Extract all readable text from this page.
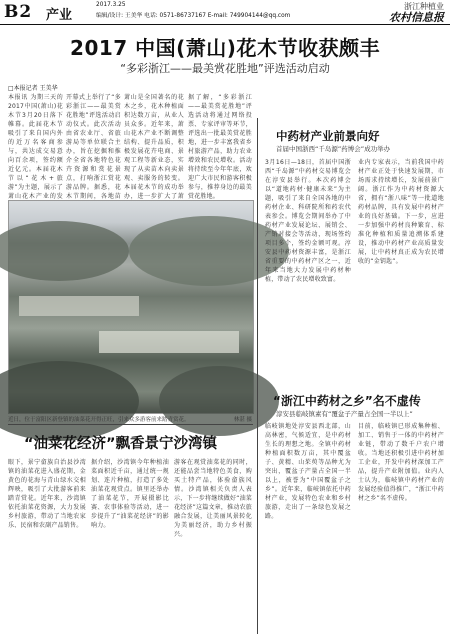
B2 产业
2017.3.25
编辑/设计: 王美华 电话: 0571-86737167 E-mail: 749904144@qq.com
浙江种植业
农村信息报
2017 中国(萧山)花木节收获颇丰
“多彩浙江——最美赏花胜地”评选活动启动
□本报记者 王美华
本报讯 为期三天的2017中国(萧山)花木节3月20日落下帷幕。此届花木节吸引了来自国内外的近万名客商参与，共达成交易意向百余项，签约额近亿元。本届花木节以“花木+旅游”为主题，展示了萧山花木产业的发
开幕式上举行了“多彩浙江——最美赏花胜地”评选活动启动仪式。此次活动由省农业厅、省旅游局等单位联合主办，旨在挖掘和推介全省各地特色花卉资源和赏花景点，打响浙江赏花游品牌。据悉，花木节期间，各地苗
萧山是全国著名的花木之乡，花木种植面积达数万亩，从业人员众多。近年来，萧山花木产业不断调整结构、提升品质，积极发展花卉电商、景观工程等新业态，实现了从卖苗木向卖景观、卖服务的转变。本届花木节的成功举办，进一步扩大了萧
据了解，“多彩浙江——最美赏花胜地”评选活动将通过网络投票、专家评审等环节，评选出一批最美赏花胜地，进一步丰富我省乡村旅游产品，助力农业增效和农民增收。活动将持续至今年年底，欢迎广大市民和游客积极参与，推荐身边的最美赏花胜地。
近日，位于富阳区新登镇的油菜花开得正旺，引来众多游客前来踏青赏花。	林湛 摄
中药材产业前景向好
首届中国浙西“千岛源”药博会”成功举办
3月16日—18日，首届中国浙西“千岛源”中药材交易博览会在淳安县举行。本次药博会以“道地药材·健康未来”为主题，吸引了来自全国各地的中药材企业、科研院所和药农代表参会。博览会期间举办了中药材产业发展论坛、展销会、产销对接会等活动，现场签约项目多个，签约金额可观。淳安县中药材资源丰富，是浙江省重要的中药材产区之一，近年来当地大力发展中药材种植，带动了农民增收致富。
业内专家表示，当前我国中药材产业正处于快速发展期，市场需求持续增长，发展前景广阔。浙江作为中药材资源大省，拥有“浙八味”等一批道地药材品牌，具有发展中药材产业的良好基础。下一步，应进一步加强中药材良种繁育、标准化种植和质量追溯体系建设，推动中药材产业高质量发展，让中药材真正成为农民增收的“金钥匙”。
“浙江中药材之乡”名不虚传
淳安县临岐镇素有“覆盆子产量占全国一半以上”
临岐镇地处淳安县西北部，山高林密，气候适宜，是中药材生长的理想之地。全镇中药材种植面积数万亩，其中覆盆子、黄精、山茱萸等品种尤为突出，覆盆子产量占全国一半以上，被誉为“中国覆盆子之乡”。近年来，临岐镇依托中药材产业，发展特色农业和乡村旅游，走出了一条绿色发展之路。
目前，临岐镇已形成集种植、加工、销售于一体的中药材产业链，带动了数千户农户增收。当地还积极引进中药材加工企业，开发中药材深加工产品，提升产业附加值。业内人士认为，临岐镇中药材产业的发展经验值得推广，“浙江中药材之乡”名不虚传。
“油菜花经济”飘香景宁沙湾镇
眼下，景宁畲族自治县沙湾镇的油菜花进入盛花期，金黄色的花海与青山绿水交相辉映，吸引了大批游客前来踏青赏花。近年来，沙湾镇依托油菜花资源，大力发展乡村旅游，带动了当地农家乐、民宿和农副产品销售。
据介绍，沙湾镇今年种植油菜面积近千亩，通过统一规划、连片种植，打造了多处油菜花观赏点。镇里还举办了油菜花节，开展摄影比赛、农事体验等活动，进一步提升了“油菜花经济”的影响力。
游客在观赏油菜花的同时，还能品尝当地特色美食，购买土特产品，体验畲族风情。沙湾镇相关负责人表示，下一步将继续做好“油菜花经济”这篇文章，推动农旅融合发展，让美丽风景转化为美丽经济，助力乡村振兴。
